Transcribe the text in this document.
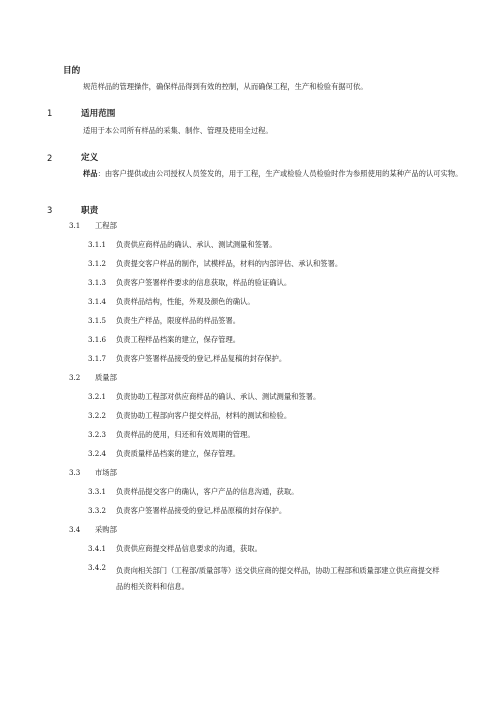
目的
规范样品的管理操作，确保样品得到有效的控制，从而确保工程，生产和检验有据可依。
1	适用范围
适用于本公司所有样品的采集、制作、管理及使用全过程。
2	定义
样品：由客户提供或由公司授权人员签发的，用于工程，生产或检验人员检验时作为参照使用的某种产品的认可实物。
3	职责
3.1 工程部
3.1.1 负责供应商样品的确认、承认、测试测量和签署。
3.1.2 负责提交客户样品的制作，试模样品，材料的内部评估、承认和签署。
3.1.3 负责客户签署样件要求的信息获取，样品的验证确认。
3.1.4 负责样品结构，性能，外观及颜色的确认。
3.1.5 负责生产样品，限度样品的样品签署。
3.1.6 负责工程样品档案的建立，保存管理。
3.1.7 负责客户签署样品接受的登记,样品复稿的封存保护。
3.2 质量部
3.2.1 负责协助工程部对供应商样品的确认、承认、测试测量和签署。
3.2.2 负责协助工程部向客户提交样品，材料的测试和检验。
3.2.3 负责样品的使用，归还和有效周期的管理。
3.2.4 负责质量样品档案的建立，保存管理。
3.3 市场部
3.3.1 负责样品提交客户的确认，客户产品的信息沟通，获取。
3.3.2 负责客户签署样品接受的登记,样品原稿的封存保护。
3.4 采购部
3.4.1 负责供应商提交样品信息要求的沟通，获取。
3.4.2 负责向相关部门（工程部/质量部等）送交供应商的提交样品，协助工程部和质量部建立供应商提交样品的相关资料和信息。
